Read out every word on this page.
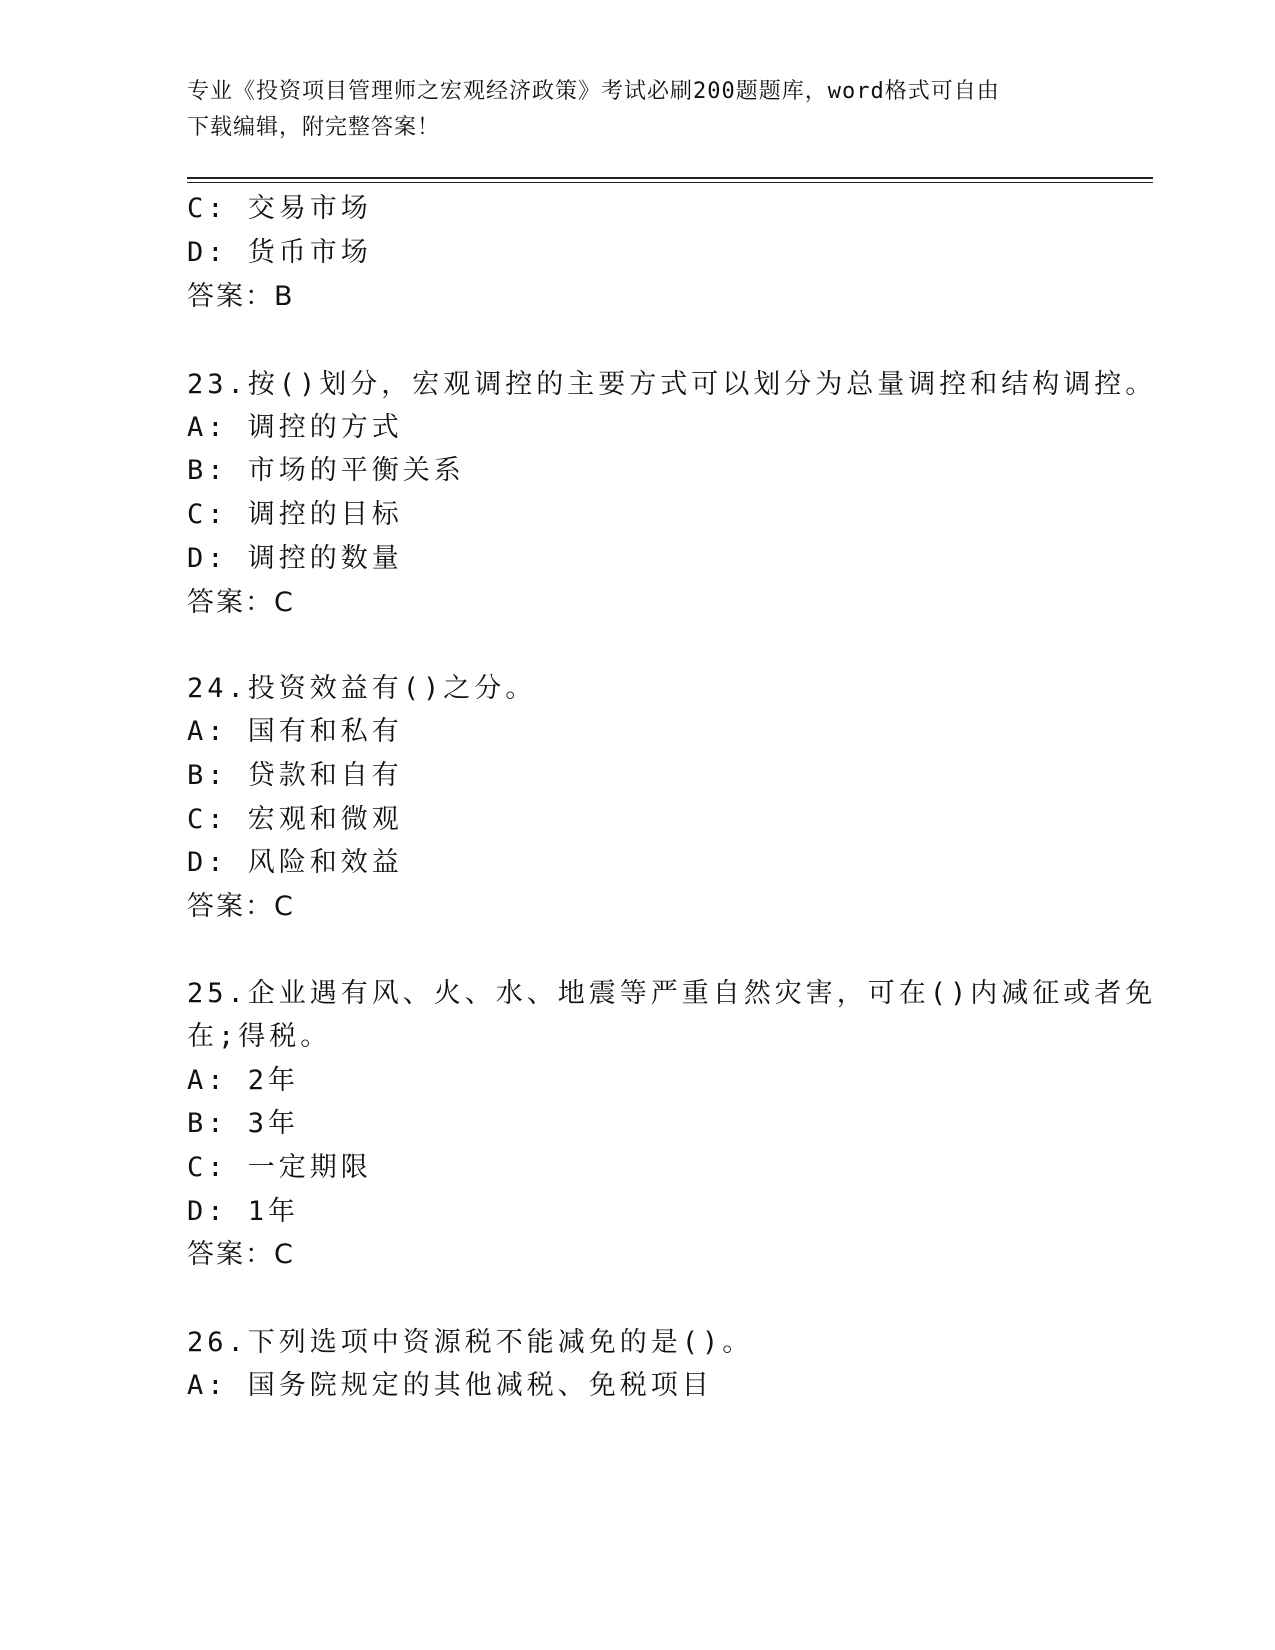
专业《投资项目管理师之宏观经济政策》考试必刷200题题库，word格式可自由
下载编辑，附完整答案！
C: 交易市场
D: 货币市场
答案：B
23.按()划分，宏观调控的主要方式可以划分为总量调控和结构调控。
A: 调控的方式
B: 市场的平衡关系
C: 调控的目标
D: 调控的数量
答案：C
24.投资效益有()之分。
A: 国有和私有
B: 贷款和自有
C: 宏观和微观
D: 风险和效益
答案：C
25.企业遇有风、火、水、地震等严重自然灾害，可在()内减征或者免
在;得税。
A: 2年
B: 3年
C: 一定期限
D: 1年
答案：C
26.下列选项中资源税不能减免的是()。
A: 国务院规定的其他减税、免税项目
